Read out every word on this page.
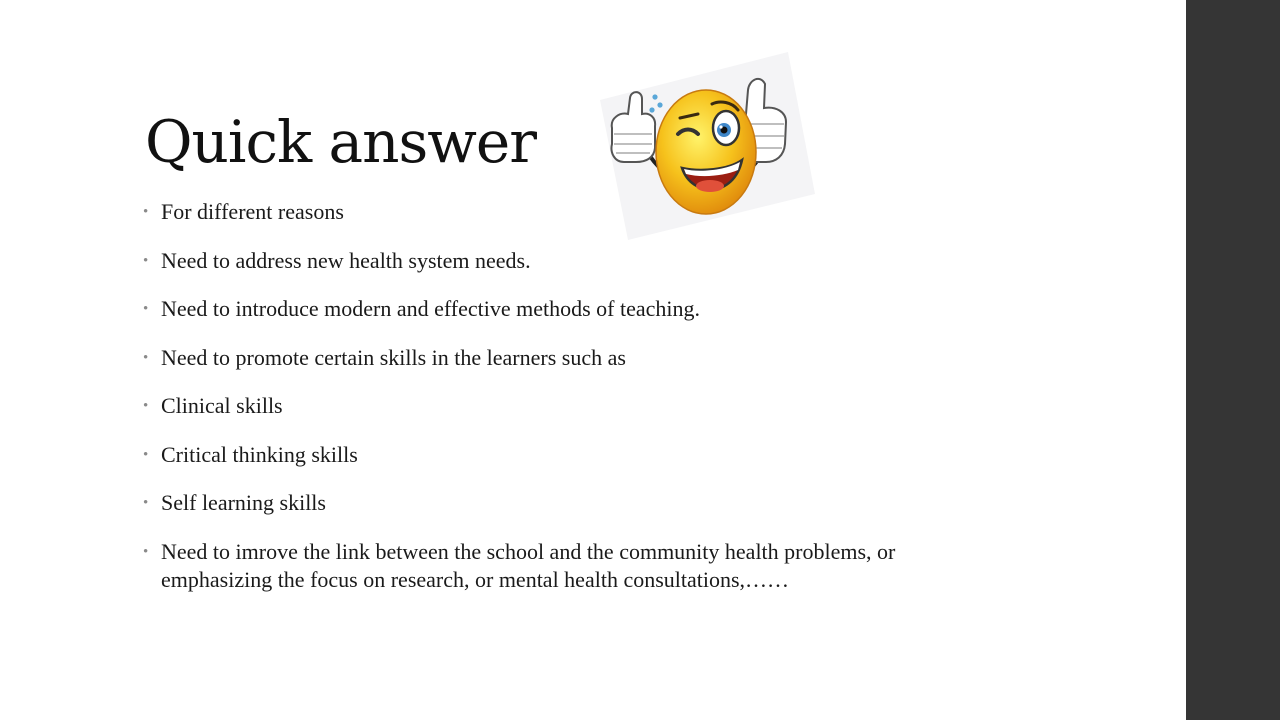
Quick answer
• For different reasons
• Need to address new health system needs.
• Need to introduce modern and effective methods of teaching.
• Need to promote certain skills in the learners such as
• Clinical skills
• Critical thinking skills
• Self learning skills
• Need to imrove the link between the school and the community health problems, or emphasizing the focus on research, or mental health consultations,……
